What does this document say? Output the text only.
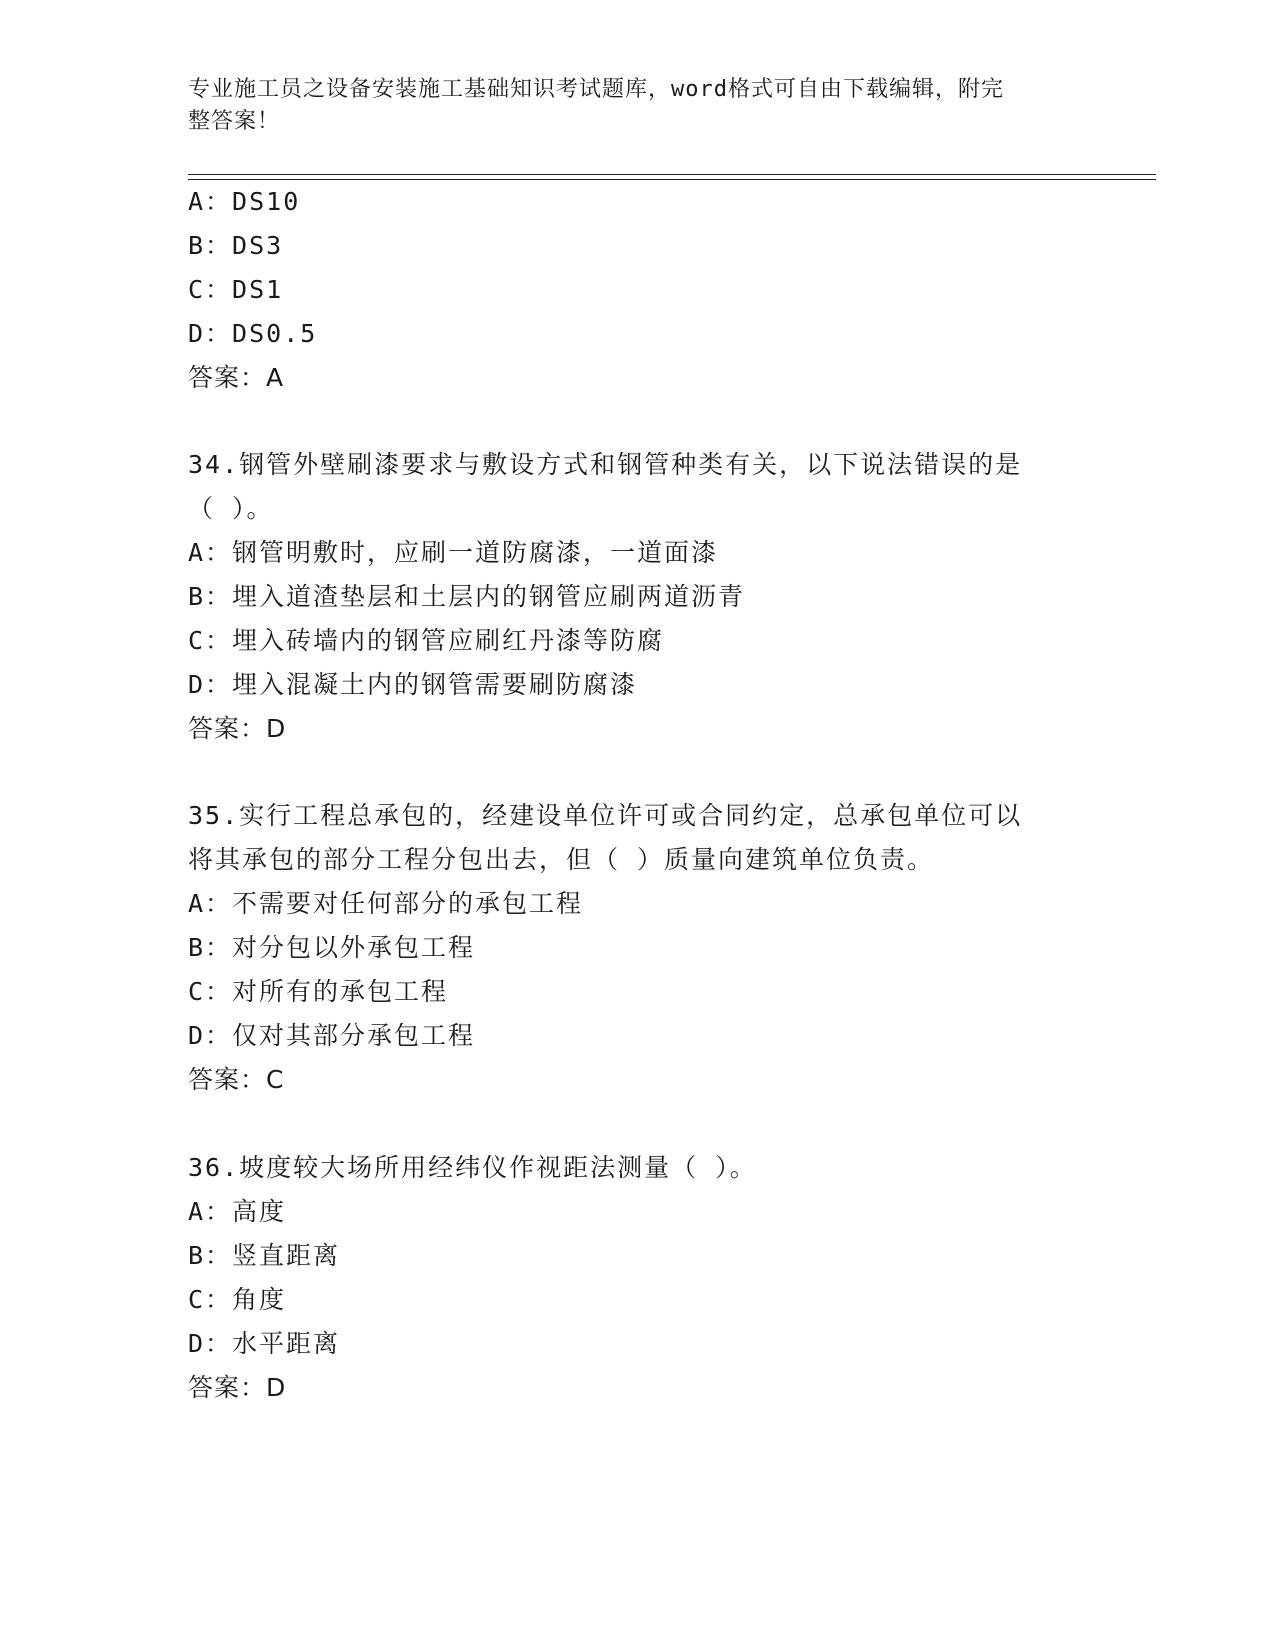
专业施工员之设备安装施工基础知识考试题库，word格式可自由下载编辑，附完
整答案！
A：DS10
B：DS3
C：DS1
D：DS0.5
答案：A
34.钢管外壁刷漆要求与敷设方式和钢管种类有关，以下说法错误的是
（ ）。
A：钢管明敷时，应刷一道防腐漆，一道面漆
B：埋入道渣垫层和土层内的钢管应刷两道沥青
C：埋入砖墙内的钢管应刷红丹漆等防腐
D：埋入混凝土内的钢管需要刷防腐漆
答案：D
35.实行工程总承包的，经建设单位许可或合同约定，总承包单位可以
将其承包的部分工程分包出去，但（ ）质量向建筑单位负责。
A：不需要对任何部分的承包工程
B：对分包以外承包工程
C：对所有的承包工程
D：仅对其部分承包工程
答案：C
36.坡度较大场所用经纬仪作视距法测量（ ）。
A：高度
B：竖直距离
C：角度
D：水平距离
答案：D
